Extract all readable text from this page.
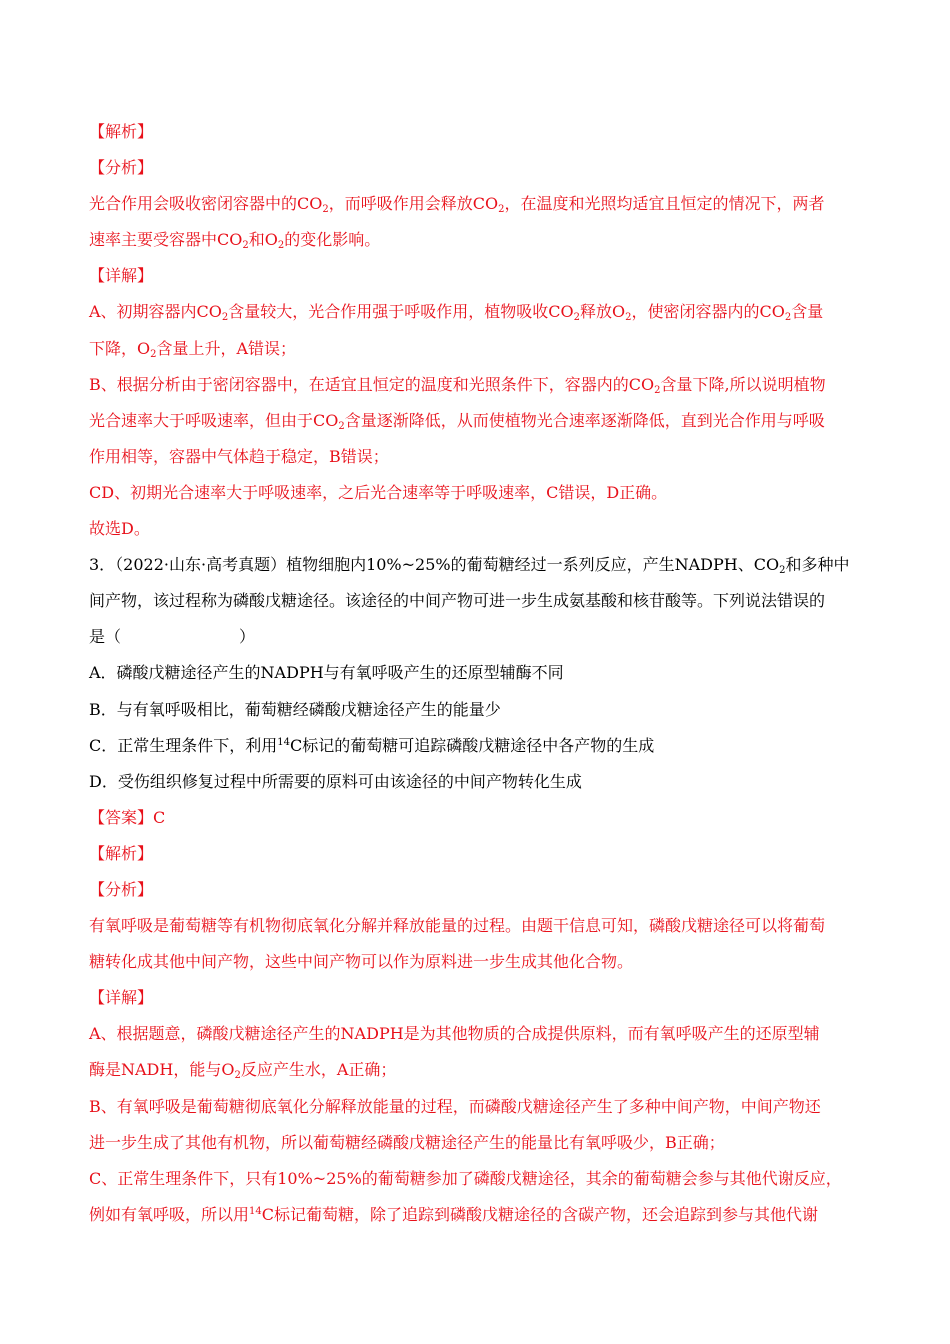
【解析】
【分析】
光合作用会吸收密闭容器中的$CO_2$，而呼吸作用会释放$CO_2$，在温度和光照均适宜且恒定的情况下，两者
速率主要受容器中$CO_2$和$O_2$的变化影响。
【详解】
A、初期容器内$CO_2$含量较大，光合作用强于呼吸作用，植物吸收$CO_2$释放$O_2$，使密闭容器内的$CO_2$含量
下降，$O_2$含量上升，A错误；
B、根据分析由于密闭容器中，在适宜且恒定的温度和光照条件下，容器内的$CO_2$含量下降,所以说明植物
光合速率大于呼吸速率，但由于$CO_2$含量逐渐降低，从而使植物光合速率逐渐降低，直到光合作用与呼吸
作用相等，容器中气体趋于稳定，B错误；
CD、初期光合速率大于呼吸速率，之后光合速率等于呼吸速率，C错误，D正确。
故选D。
3．（2022·山东·高考真题）植物细胞内10%~25%的葡萄糖经过一系列反应，产生NADPH、$CO_2$和多种中
间产物，该过程称为磷酸戊糖途径。该途径的中间产物可进一步生成氨基酸和核苷酸等。下列说法错误的
是（	）
A．磷酸戊糖途径产生的NADPH与有氧呼吸产生的还原型辅酶不同
B．与有氧呼吸相比，葡萄糖经磷酸戊糖途径产生的能量少
C．正常生理条件下，利用$^{14}$C标记的葡萄糖可追踪磷酸戊糖途径中各产物的生成
D．受伤组织修复过程中所需要的原料可由该途径的中间产物转化生成
【答案】C
【解析】
【分析】
有氧呼吸是葡萄糖等有机物彻底氧化分解并释放能量的过程。由题干信息可知，磷酸戊糖途径可以将葡萄
糖转化成其他中间产物，这些中间产物可以作为原料进一步生成其他化合物。
【详解】
A、根据题意，磷酸戊糖途径产生的NADPH是为其他物质的合成提供原料，而有氧呼吸产生的还原型辅
酶是NADH，能与$O_2$反应产生水，A正确；
B、有氧呼吸是葡萄糖彻底氧化分解释放能量的过程，而磷酸戊糖途径产生了多种中间产物，中间产物还
进一步生成了其他有机物，所以葡萄糖经磷酸戊糖途径产生的能量比有氧呼吸少，B正确；
C、正常生理条件下，只有10%~25%的葡萄糖参加了磷酸戊糖途径，其余的葡萄糖会参与其他代谢反应，
例如有氧呼吸，所以用$^{14}$C标记葡萄糖，除了追踪到磷酸戊糖途径的含碳产物，还会追踪到参与其他代谢
